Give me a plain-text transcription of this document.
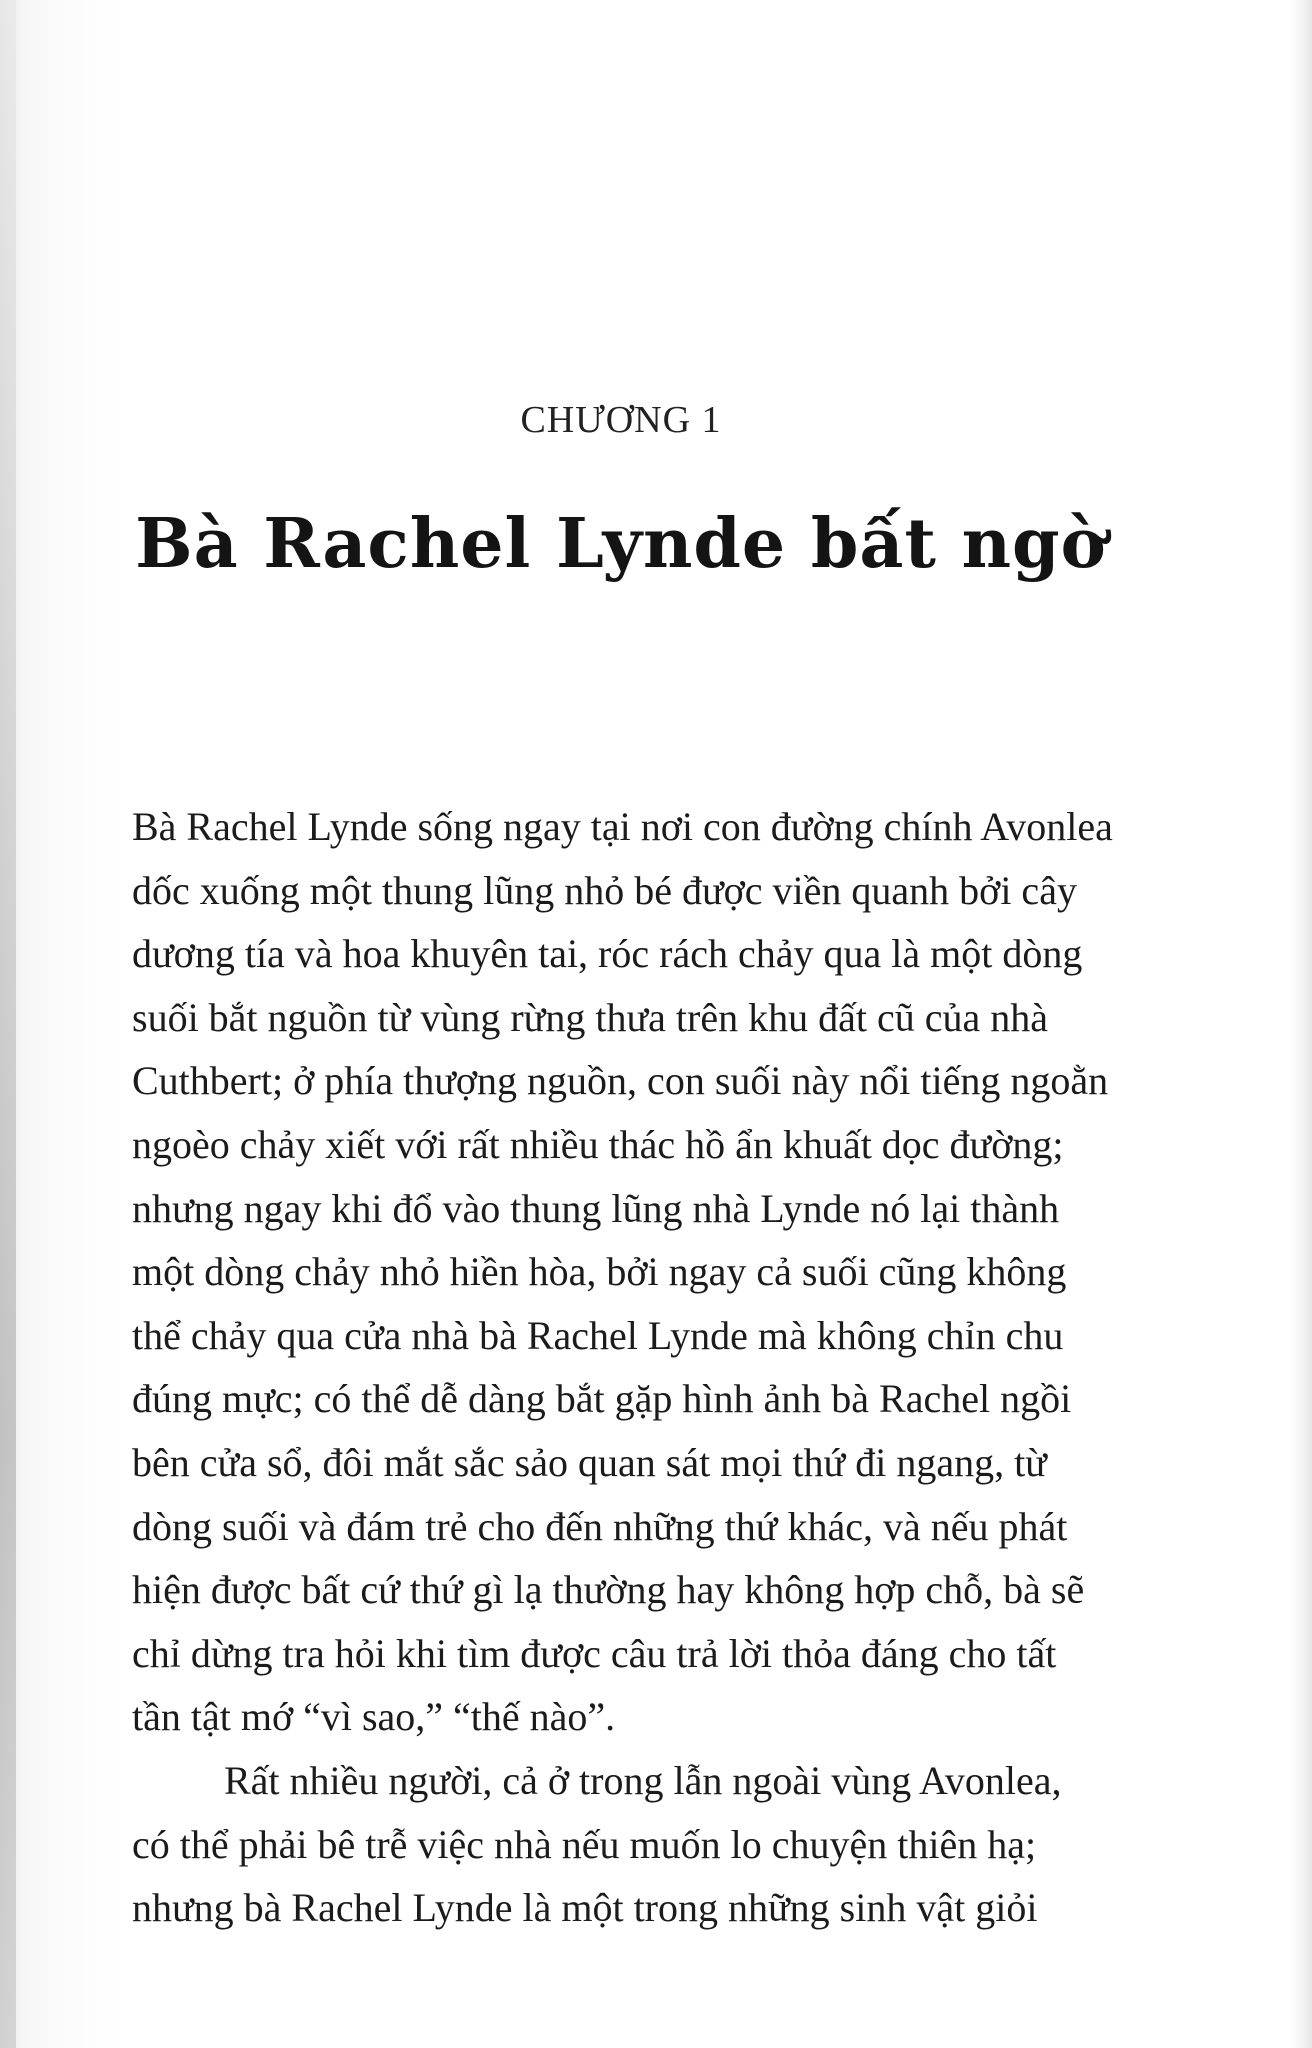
CHƯƠNG 1
Bà Rachel Lynde bất ngờ
Bà Rachel Lynde sống ngay tại nơi con đường chính Avonlea
dốc xuống một thung lũng nhỏ bé được viền quanh bởi cây
dương tía và hoa khuyên tai, róc rách chảy qua là một dòng
suối bắt nguồn từ vùng rừng thưa trên khu đất cũ của nhà
Cuthbert; ở phía thượng nguồn, con suối này nổi tiếng ngoằn
ngoèo chảy xiết với rất nhiều thác hồ ẩn khuất dọc đường;
nhưng ngay khi đổ vào thung lũng nhà Lynde nó lại thành
một dòng chảy nhỏ hiền hòa, bởi ngay cả suối cũng không
thể chảy qua cửa nhà bà Rachel Lynde mà không chỉn chu
đúng mực; có thể dễ dàng bắt gặp hình ảnh bà Rachel ngồi
bên cửa sổ, đôi mắt sắc sảo quan sát mọi thứ đi ngang, từ
dòng suối và đám trẻ cho đến những thứ khác, và nếu phát
hiện được bất cứ thứ gì lạ thường hay không hợp chỗ, bà sẽ
chỉ dừng tra hỏi khi tìm được câu trả lời thỏa đáng cho tất
tần tật mớ “vì sao,” “thế nào”.
Rất nhiều người, cả ở trong lẫn ngoài vùng Avonlea,
có thể phải bê trễ việc nhà nếu muốn lo chuyện thiên hạ;
nhưng bà Rachel Lynde là một trong những sinh vật giỏi
